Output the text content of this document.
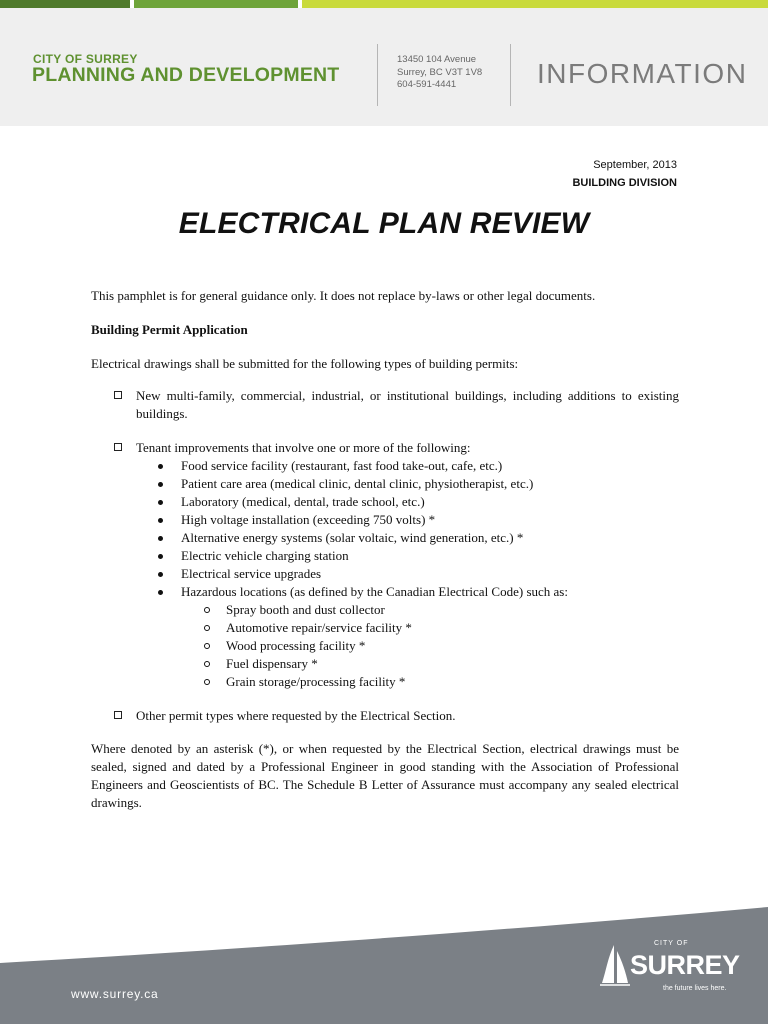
CITY OF SURREY
PLANNING AND DEVELOPMENT
13450 104 Avenue
Surrey, BC V3T 1V8
604-591-4441	INFORMATION
September, 2013
BUILDING DIVISION
ELECTRICAL PLAN REVIEW

This pamphlet is for general guidance only. It does not replace by-laws or other legal documents.

Building Permit Application

Electrical drawings shall be submitted for the following types of building permits:

New multi-family, commercial, industrial, or institutional buildings, including additions to existing buildings.
Tenant improvements that involve one or more of the following:
Food service facility (restaurant, fast food take-out, cafe, etc.)
Patient care area (medical clinic, dental clinic, physiotherapist, etc.)
Laboratory (medical, dental, trade school, etc.)
High voltage installation (exceeding 750 volts) *
Alternative energy systems (solar voltaic, wind generation, etc.) *
Electric vehicle charging station
Electrical service upgrades
Hazardous locations (as defined by the Canadian Electrical Code) such as:
Spray booth and dust collector
Automotive repair/service facility *
Wood processing facility *
Fuel dispensary *
Grain storage/processing facility *
Other permit types where requested by the Electrical Section.

Where denoted by an asterisk (*), or when requested by the Electrical Section, electrical drawings must be sealed, signed and dated by a Professional Engineer in good standing with the Association of Professional Engineers and Geoscientists of BC. The Schedule B Letter of Assurance must accompany any sealed electrical drawings.

www.surrey.ca
CITY OF
SURREY
the future lives here.
